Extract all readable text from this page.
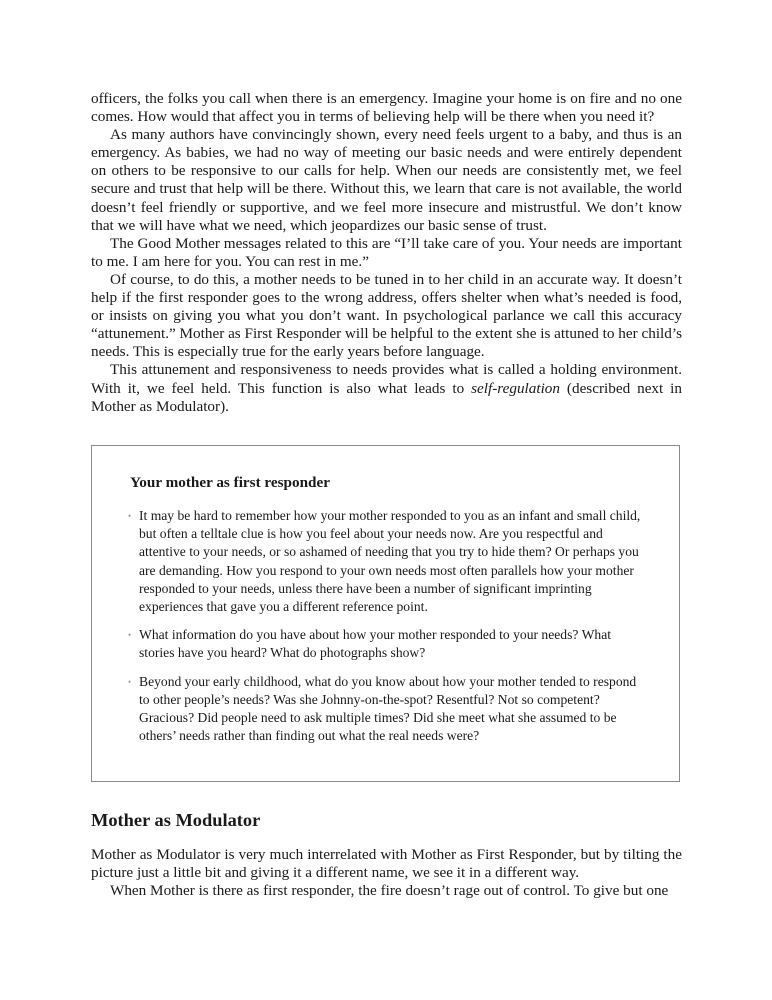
officers, the folks you call when there is an emergency. Imagine your home is on fire and no one comes. How would that affect you in terms of believing help will be there when you need it?

As many authors have convincingly shown, every need feels urgent to a baby, and thus is an emergency. As babies, we had no way of meeting our basic needs and were entirely dependent on others to be responsive to our calls for help. When our needs are consistently met, we feel secure and trust that help will be there. Without this, we learn that care is not available, the world doesn’t feel friendly or supportive, and we feel more insecure and mistrustful. We don’t know that we will have what we need, which jeopardizes our basic sense of trust.

The Good Mother messages related to this are “I’ll take care of you. Your needs are important to me. I am here for you. You can rest in me.”

Of course, to do this, a mother needs to be tuned in to her child in an accurate way. It doesn’t help if the first responder goes to the wrong address, offers shelter when what’s needed is food, or insists on giving you what you don’t want. In psychological parlance we call this accuracy “attunement.” Mother as First Responder will be helpful to the extent she is attuned to her child’s needs. This is especially true for the early years before language.

This attunement and responsiveness to needs provides what is called a holding environment. With it, we feel held. This function is also what leads to self-regulation (described next in Mother as Modulator).

Your mother as first responder

• It may be hard to remember how your mother responded to you as an infant and small child, but often a telltale clue is how you feel about your needs now. Are you respectful and attentive to your needs, or so ashamed of needing that you try to hide them? Or perhaps you are demanding. How you respond to your own needs most often parallels how your mother responded to your needs, unless there have been a number of significant imprinting experiences that gave you a different reference point.
• What information do you have about how your mother responded to your needs? What stories have you heard? What do photographs show?
• Beyond your early childhood, what do you know about how your mother tended to respond to other people’s needs? Was she Johnny-on-the-spot? Resentful? Not so competent? Gracious? Did people need to ask multiple times? Did she meet what she assumed to be others’ needs rather than finding out what the real needs were?
Mother as Modulator

Mother as Modulator is very much interrelated with Mother as First Responder, but by tilting the picture just a little bit and giving it a different name, we see it in a different way.

When Mother is there as first responder, the fire doesn’t rage out of control. To give but one
